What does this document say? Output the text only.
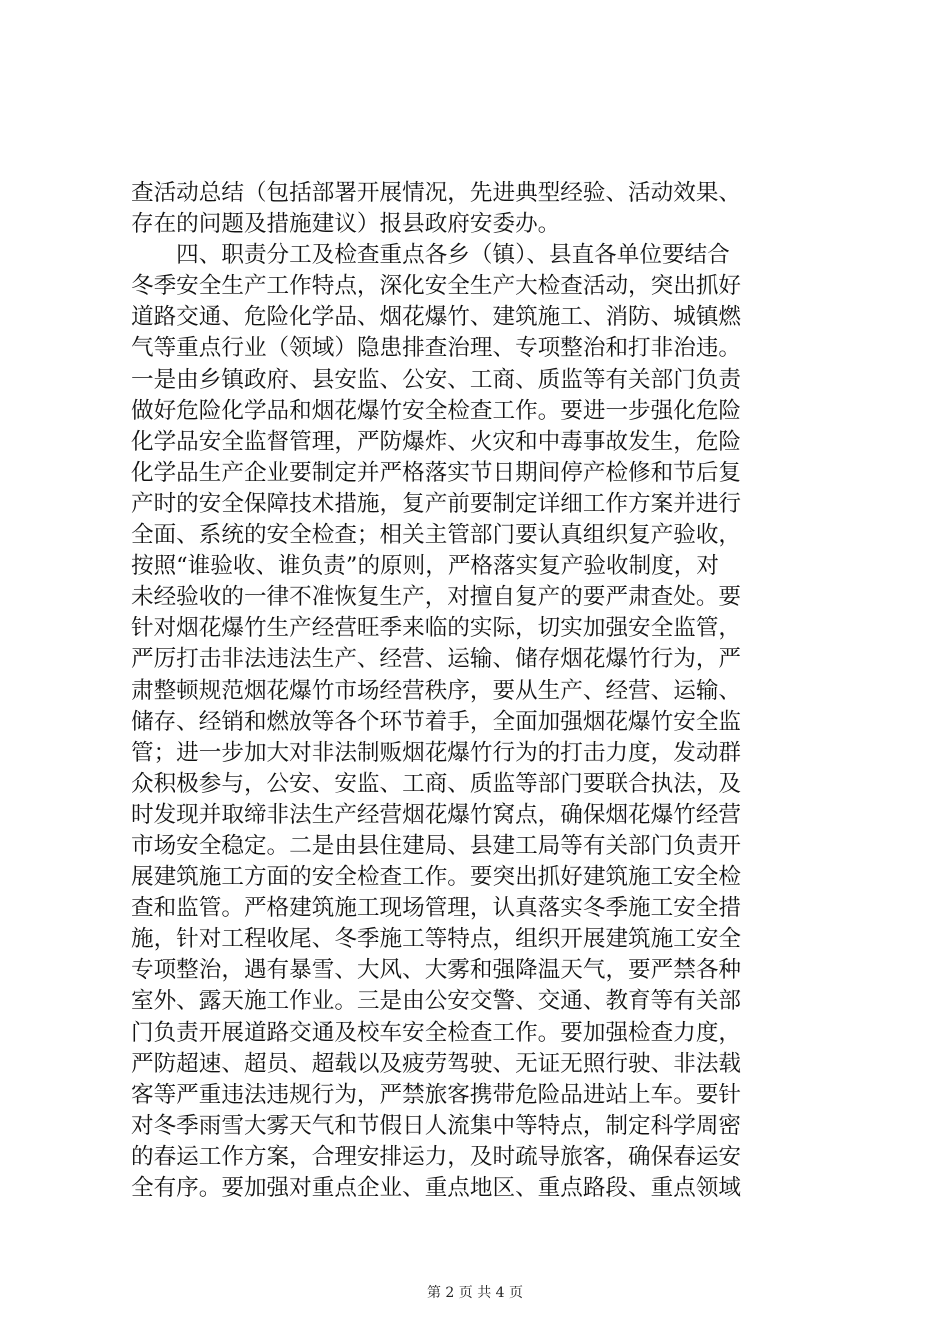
查活动总结（包括部署开展情况，先进典型经验、活动效果、
存在的问题及措施建议）报县政府安委办。
　　四、职责分工及检查重点各乡（镇）、县直各单位要结合
冬季安全生产工作特点，深化安全生产大检查活动，突出抓好
道路交通、危险化学品、烟花爆竹、建筑施工、消防、城镇燃
气等重点行业（领域）隐患排查治理、专项整治和打非治违。
一是由乡镇政府、县安监、公安、工商、质监等有关部门负责
做好危险化学品和烟花爆竹安全检查工作。要进一步强化危险
化学品安全监督管理，严防爆炸、火灾和中毒事故发生，危险
化学品生产企业要制定并严格落实节日期间停产检修和节后复
产时的安全保障技术措施，复产前要制定详细工作方案并进行
全面、系统的安全检查；相关主管部门要认真组织复产验收，
按照“谁验收、谁负责”的原则，严格落实复产验收制度，对
未经验收的一律不准恢复生产，对擅自复产的要严肃查处。要
针对烟花爆竹生产经营旺季来临的实际，切实加强安全监管，
严厉打击非法违法生产、经营、运输、储存烟花爆竹行为，严
肃整顿规范烟花爆竹市场经营秩序，要从生产、经营、运输、
储存、经销和燃放等各个环节着手，全面加强烟花爆竹安全监
管；进一步加大对非法制贩烟花爆竹行为的打击力度，发动群
众积极参与，公安、安监、工商、质监等部门要联合执法，及
时发现并取缔非法生产经营烟花爆竹窝点，确保烟花爆竹经营
市场安全稳定。二是由县住建局、县建工局等有关部门负责开
展建筑施工方面的安全检查工作。要突出抓好建筑施工安全检
查和监管。严格建筑施工现场管理，认真落实冬季施工安全措
施，针对工程收尾、冬季施工等特点，组织开展建筑施工安全
专项整治，遇有暴雪、大风、大雾和强降温天气，要严禁各种
室外、露天施工作业。三是由公安交警、交通、教育等有关部
门负责开展道路交通及校车安全检查工作。要加强检查力度，
严防超速、超员、超载以及疲劳驾驶、无证无照行驶、非法载
客等严重违法违规行为，严禁旅客携带危险品进站上车。要针
对冬季雨雪大雾天气和节假日人流集中等特点，制定科学周密
的春运工作方案，合理安排运力，及时疏导旅客，确保春运安
全有序。要加强对重点企业、重点地区、重点路段、重点领域
第 2 页 共 4 页
